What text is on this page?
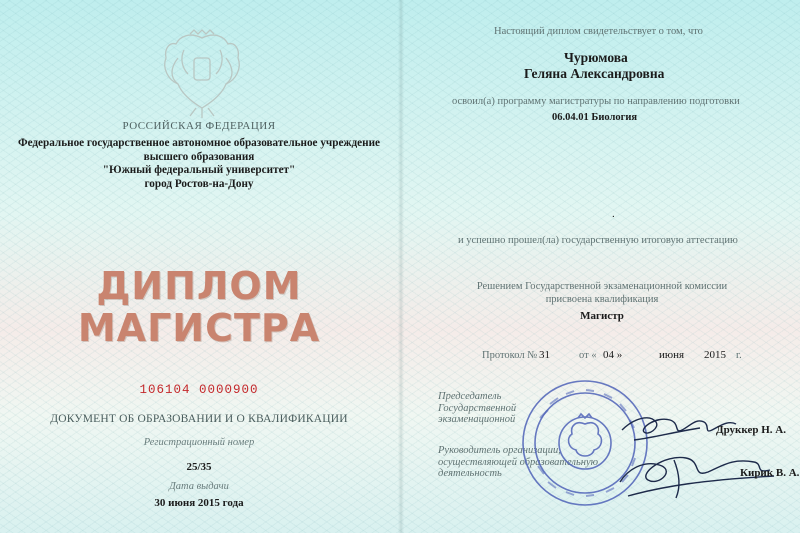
РОССИЙСКАЯ ФЕДЕРАЦИЯ
Федеральное государственное автономное образовательное учреждение
высшего образования
"Южный федеральный университет"
город Ростов-на-Дону
ДИПЛОМ
МАГИСТРА
106104 0000900
ДОКУМЕНТ ОБ ОБРАЗОВАНИИ И О КВАЛИФИКАЦИИ
Регистрационный номер
25/35
Дата выдачи
30 июня 2015 года
Настоящий диплом свидетельствует о том, что
Чурюмова
Геляна Александровна
освоил(а) программу магистратуры по направлению подготовки
06.04.01 Биология
.
и успешно прошел(ла) государственную итоговую аттестацию
Решением Государственной экзаменационной комиссии
присвоена квалификация
Магистр
Протокол № 31	от « 04 »	июня 2015 г.
Председатель
Государственной
экзаменационной
Руководитель организации,
осуществляющей образовательную
деятельность
Друккер Н. А.
Кирик В. А.
